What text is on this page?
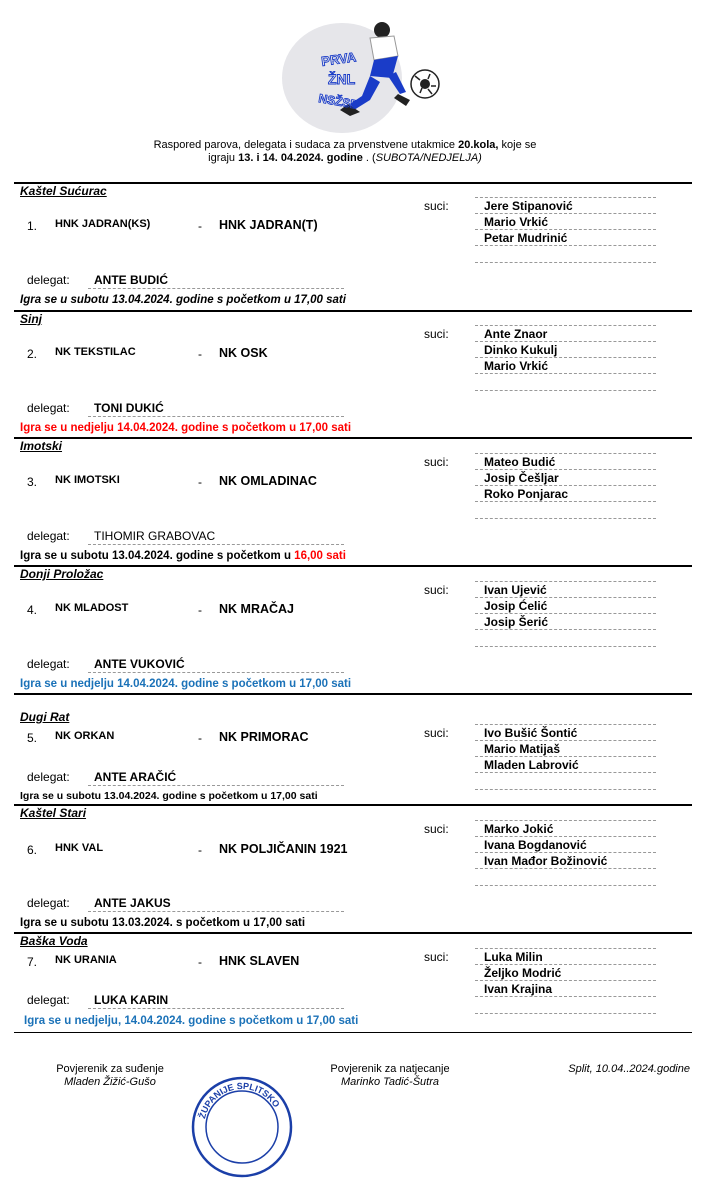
PRVA
ŽNL
NSŽSD
Raspored parova, delegata i sudaca za prvenstvene utakmice 20.kola, koje se
igraju 13. i 14. 04.2024. godine . (SUBOTA/NEDJELJA)
Kaštel Sućurac
1. HNK JADRAN(KS)	- HNK JADRAN(T)
suci:	Jere Stipanović
Mario Vrkić
Petar Mudrinić
delegat: ANTE BUDIĆ
Igra se u subotu 13.04.2024. godine s početkom u 17,00 sati
Sinj
2. NK TEKSTILAC	- NK OSK
suci:	Ante Znaor
Dinko Kukulj
Mario Vrkić
delegat: TONI DUKIĆ
Igra se u nedjelju 14.04.2024. godine s početkom u 17,00 sati
Imotski
3. NK IMOTSKI	- NK OMLADINAC
suci:	Mateo Budić
Josip Češljar
Roko Ponjarac
delegat: TIHOMIR GRABOVAC
Igra se u subotu 13.04.2024. godine s početkom u 16,00 sati
Donji Proložac
4. NK MLADOST	- NK MRAČAJ
suci:	Ivan Ujević
Josip Ćelić
Josip Šerić
delegat: ANTE VUKOVIĆ
Igra se u nedjelju 14.04.2024. godine s početkom u 17,00 sati
Dugi Rat
5. NK ORKAN	- NK PRIMORAC	suci:	Ivo Bušić Šontić
Mario Matijaš
Mladen Labrović
delegat: ANTE ARAČIĆ
Igra se u subotu 13.04.2024. godine s početkom u 17,00 sati
Kaštel Stari
6. HNK VAL	- NK POLJIČANIN 1921
suci:	Marko Jokić
Ivana Bogdanović
Ivan Mađor Božinović
delegat: ANTE JAKUS
Igra se u subotu 13.03.2024. s početkom u 17,00 sati
Baška Voda
7. NK URANIA	- HNK SLAVEN	suci:	Luka Milin
Željko Modrić
Ivan Krajina
delegat: LUKA KARIN
Igra se u nedjelju, 14.04.2024. godine s početkom u 17,00 sati
Povjerenik za suđenje
Mladen Žižić-Gušo
Povjerenik za natjecanje
Marinko Tadić-Šutra
Split, 10.04..2024.godine
ŽUPANIJE SPLITSKO
